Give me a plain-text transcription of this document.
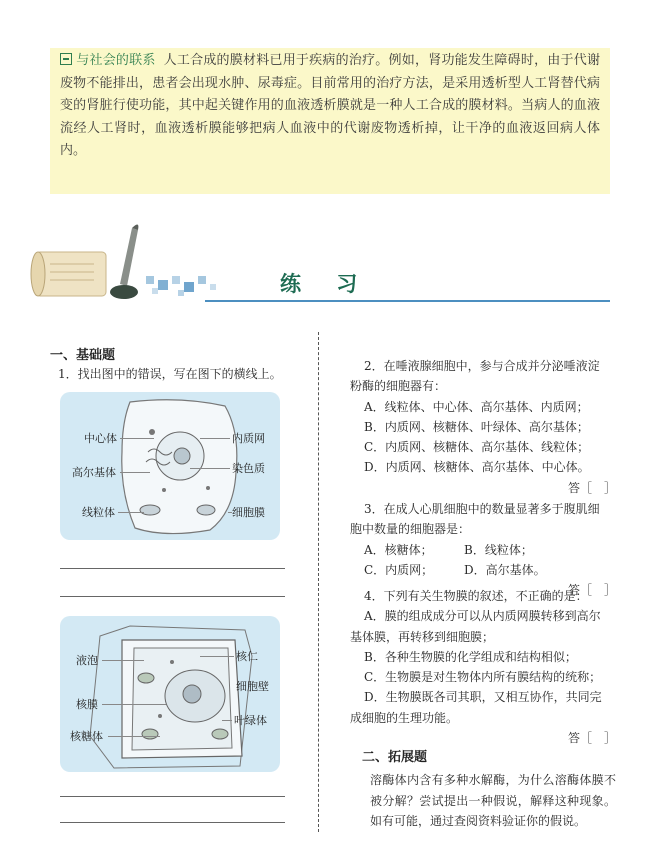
与社会的联系 人工合成的膜材料已用于疾病的治疗。例如，肾功能发生障碍时，由于代谢废物不能排出，患者会出现水肿、尿毒症。目前常用的治疗方法，是采用透析型人工肾替代病变的肾脏行使功能，其中起关键作用的血液透析膜就是一种人工合成的膜材料。当病人的血液流经人工肾时，血液透析膜能够把病人血液中的代谢废物透析掉，让干净的血液返回病人体内。
练 习
一、基础题
1．找出图中的错误，写在图下的横线上。
中心体
高尔基体
线粒体
内质网
染色质
细胞膜
液泡
核膜
核糖体
核仁
细胞壁
叶绿体
2．在唾液腺细胞中，参与合成并分泌唾液淀
粉酶的细胞器有：
A．线粒体、中心体、高尔基体、内质网；
B．内质网、核糖体、叶绿体、高尔基体；
C．内质网、核糖体、高尔基体、线粒体；
D．内质网、核糖体、高尔基体、中心体。
答［　］
3．在成人心肌细胞中的数量显著多于腹肌细
胞中数量的细胞器是：
A．核糖体；	B．线粒体；
C．内质网；	D．高尔基体。
答［　］
4．下列有关生物膜的叙述，不正确的是：
A．膜的组成成分可以从内质网膜转移到高尔
基体膜，再转移到细胞膜；
B．各种生物膜的化学组成和结构相似；
C．生物膜是对生物体内所有膜结构的统称；
D．生物膜既各司其职，又相互协作，共同完
成细胞的生理功能。
答［　］
二、拓展题
溶酶体内含有多种水解酶，为什么溶酶体膜不被分解？尝试提出一种假说，解释这种现象。如有可能，通过查阅资料验证你的假说。
